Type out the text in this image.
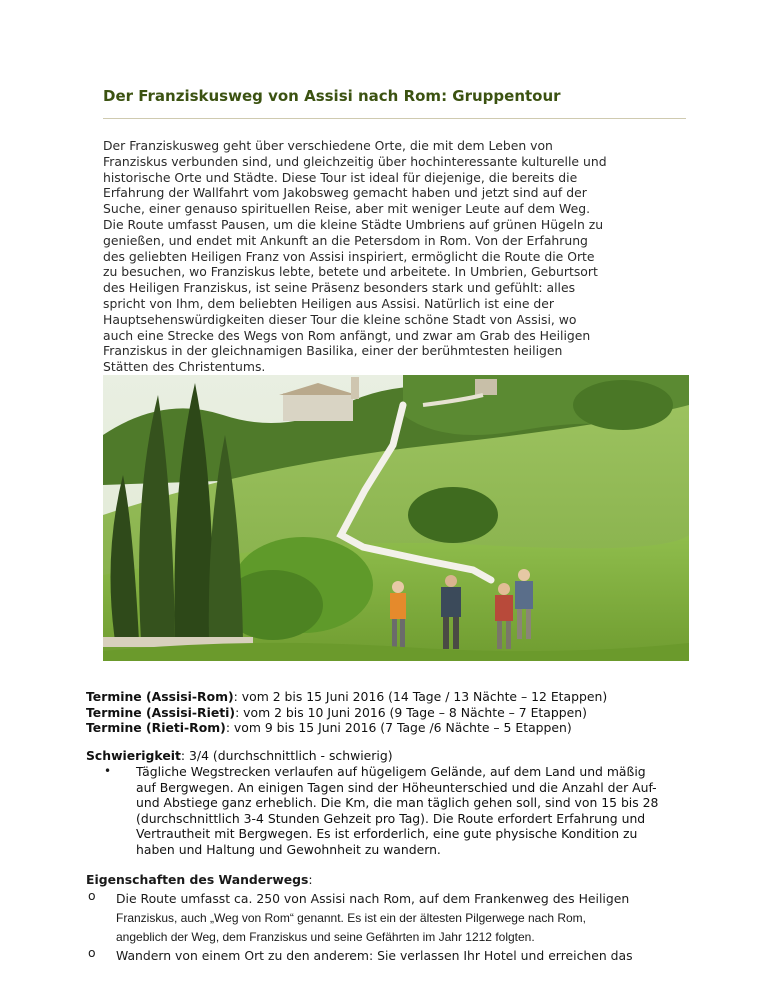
Der Franziskusweg von Assisi nach Rom: Gruppentour

Der Franziskusweg geht über verschiedene Orte, die mit dem Leben von
Franziskus verbunden sind, und gleichzeitig über hochinteressante kulturelle und
historische Orte und Städte. Diese Tour ist ideal für diejenige, die bereits die
Erfahrung der Wallfahrt vom Jakobsweg gemacht haben und jetzt sind auf der
Suche, einer genauso spirituellen Reise, aber mit weniger Leute auf dem Weg.
Die Route umfasst Pausen, um die kleine Städte Umbriens auf grünen Hügeln zu
genießen, und endet mit Ankunft an die Petersdom in Rom. Von der Erfahrung
des geliebten Heiligen Franz von Assisi inspiriert, ermöglicht die Route die Orte
zu besuchen, wo Franziskus lebte, betete und arbeitete. In Umbrien, Geburtsort
des Heiligen Franziskus, ist seine Präsenz besonders stark und gefühlt: alles
spricht von Ihm, dem beliebten Heiligen aus Assisi. Natürlich ist eine der
Hauptsehenswürdigkeiten dieser Tour die kleine schöne Stadt von Assisi, wo
auch eine Strecke des Wegs von Rom anfängt, und zwar am Grab des Heiligen
Franziskus in der gleichnamigen Basilika, einer der berühmtesten heiligen
Stätten des Christentums.

Termine (Assisi-Rom): vom 2 bis 15 Juni 2016 (14 Tage / 13 Nächte – 12 Etappen)
Termine (Assisi-Rieti): vom 2 bis 10 Juni 2016 (9 Tage – 8 Nächte – 7 Etappen)
Termine (Rieti-Rom): vom 9 bis 15 Juni 2016 (7 Tage /6 Nächte – 5 Etappen)
Schwierigkeit: 3/4 (durchschnittlich - schwierig)
• Tägliche Wegstrecken verlaufen auf hügeligem Gelände, auf dem Land und mäßig
auf Bergwegen. An einigen Tagen sind der Höheunterschied und die Anzahl der Auf-
und Abstiege ganz erheblich. Die Km, die man täglich gehen soll, sind von 15 bis 28
(durchschnittlich 3-4 Stunden Gehzeit pro Tag). Die Route erfordert Erfahrung und
Vertrautheit mit Bergwegen. Es ist erforderlich, eine gute physische Kondition zu
haben und Haltung und Gewohnheit zu wandern.

Eigenschaften des Wanderwegs:
o Die Route umfasst ca. 250 von Assisi nach Rom, auf dem Frankenweg des Heiligen
Franziskus, auch „Weg von Rom“ genannt. Es ist ein der ältesten Pilgerwege nach Rom,
angeblich der Weg, dem Franziskus und seine Gefährten im Jahr 1212 folgten.

o Wandern von einem Ort zu den anderem: Sie verlassen Ihr Hotel und erreichen das
